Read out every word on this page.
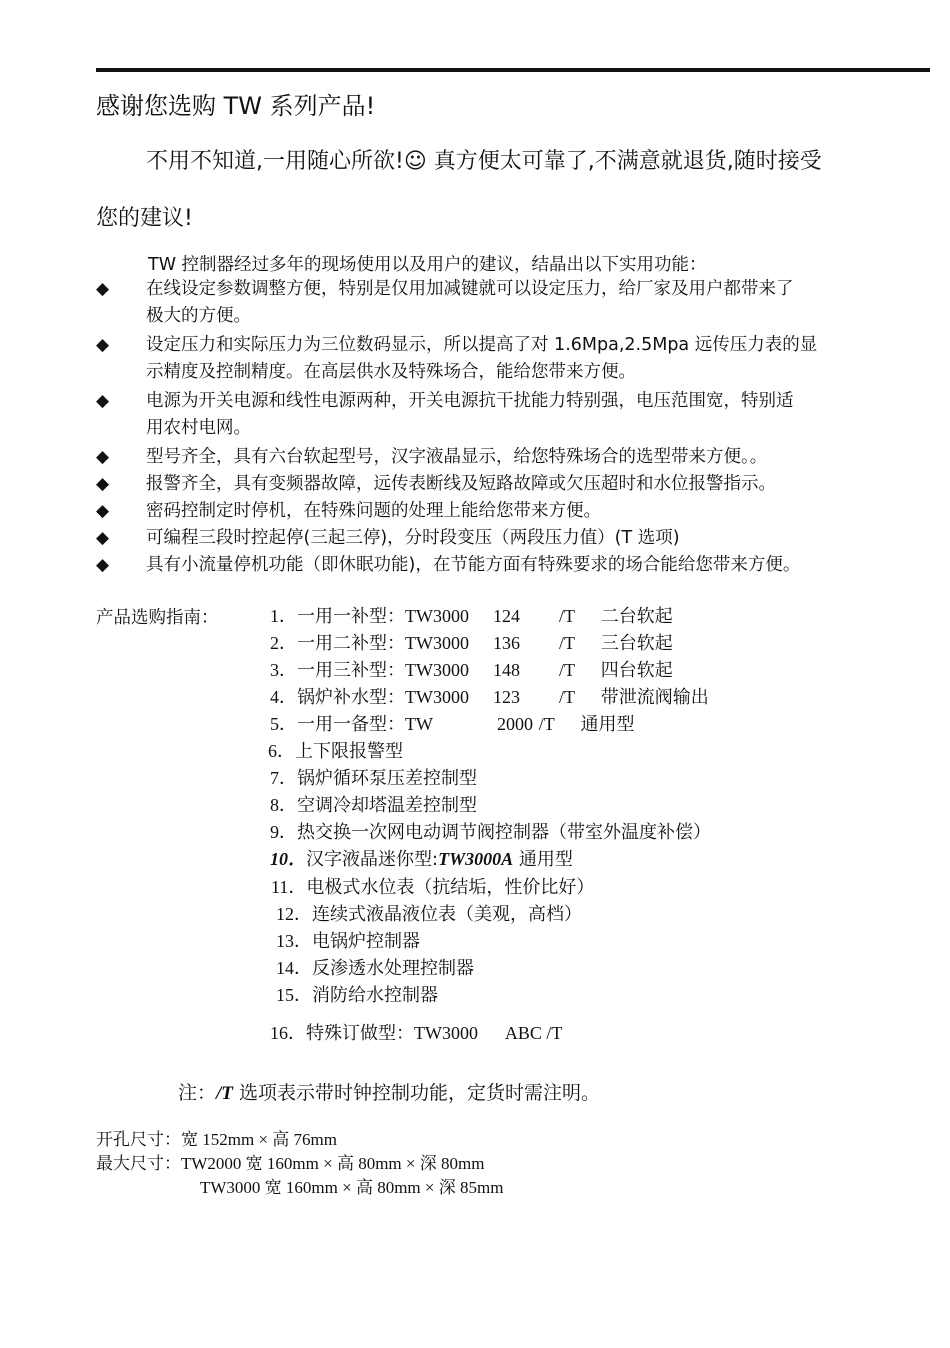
感谢您选购 TW 系列产品!
不用不知道,一用随心所欲!☺ 真方便太可靠了,不满意就退货,随时接受
您的建议!
TW 控制器经过多年的现场使用以及用户的建议，结晶出以下实用功能：
◆ 在线设定参数调整方便，特别是仅用加减键就可以设定压力，给厂家及用户都带来了
极大的方便。
◆ 设定压力和实际压力为三位数码显示，所以提高了对 1.6Mpa,2.5Mpa 远传压力表的显
示精度及控制精度。在高层供水及特殊场合，能给您带来方便。
◆ 电源为开关电源和线性电源两种，开关电源抗干扰能力特别强，电压范围宽，特别适
用农村电网。
◆ 型号齐全，具有六台软起型号，汉字液晶显示，给您特殊场合的选型带来方便。。
◆ 报警齐全，具有变频器故障，远传表断线及短路故障或欠压超时和水位报警指示。
◆ 密码控制定时停机，在特殊问题的处理上能给您带来方便。
◆ 可编程三段时控起停(三起三停)，分时段变压（两段压力值）(T 选项)
◆ 具有小流量停机功能（即休眠功能)，在节能方面有特殊要求的场合能给您带来方便。
产品选购指南：	1．一用一补型：TW3000 124 /T 二台软起
2．一用二补型：TW3000 136 /T 三台软起
3．一用三补型：TW3000 148 /T 四台软起
4．锅炉补水型：TW3000 123 /T 带泄流阀输出
5．一用一备型：TW	2000 /T 通用型
6．上下限报警型
7．锅炉循环泵压差控制型
8．空调冷却塔温差控制型
9．热交换一次网电动调节阀控制器（带室外温度补偿）
10．汉字液晶迷你型:TW3000A 通用型
11．电极式水位表（抗结垢，性价比好）
12．连续式液晶液位表（美观，高档）
13．电锅炉控制器
14．反渗透水处理控制器
15．消防给水控制器
16．特殊订做型：TW3000 ABC /T
注：/T 选项表示带时钟控制功能，定货时需注明。
开孔尺寸：宽 152mm × 高 76mm
最大尺寸：TW2000 宽 160mm × 高 80mm × 深 80mm
TW3000 宽 160mm × 高 80mm × 深 85mm
